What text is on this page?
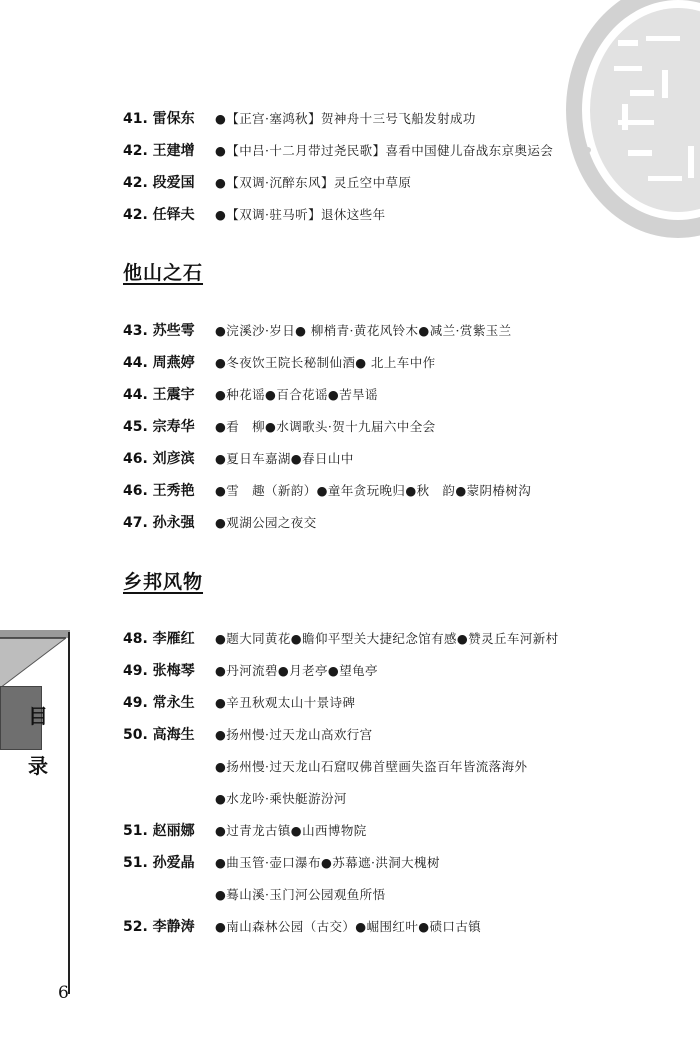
他山之石
乡邦风物
41. 雷保东	●【正宫·塞鸿秋】贺神舟十三号飞船发射成功
42. 王建增	●【中吕·十二月带过尧民歌】喜看中国健儿奋战东京奥运会
42. 段爱国	●【双调·沉醉东风】灵丘空中草原
42. 任铎夫	●【双调·驻马听】退休这些年
43. 苏些雩	●浣溪沙·岁日● 柳梢青·黄花风铃木●减兰·赏紫玉兰
44. 周燕婷	●冬夜饮王院长秘制仙酒● 北上车中作
44. 王震宇	●种花谣●百合花谣●苦旱谣
45. 宗寿华	●看　柳●水调歌头·贺十九届六中全会
46. 刘彦滨	●夏日车嘉湖●春日山中
46. 王秀艳	●雪　趣（新韵）●童年贪玩晚归●秋　韵●蒙阴椿树沟
47. 孙永强	●观湖公园之夜交
48. 李雁红	●题大同黄花●瞻仰平型关大捷纪念馆有感●赞灵丘车河新村
49. 张梅琴	●丹河流碧●月老亭●望龟亭
49. 常永生	●辛丑秋观太山十景诗碑
50. 高海生	●扬州慢·过天龙山高欢行宫
●扬州慢·过天龙山石窟叹佛首壁画失盗百年皆流落海外
●水龙吟·乘快艇游汾河
51. 赵丽娜	●过青龙古镇●山西博物院
51. 孙爱晶	●曲玉管·壶口瀑布●苏幕遮·洪洞大槐树
●蓦山溪·玉门河公园观鱼所悟
52. 李静涛	●南山森林公园（古交）●崛围红叶●碛口古镇
目
录
6
